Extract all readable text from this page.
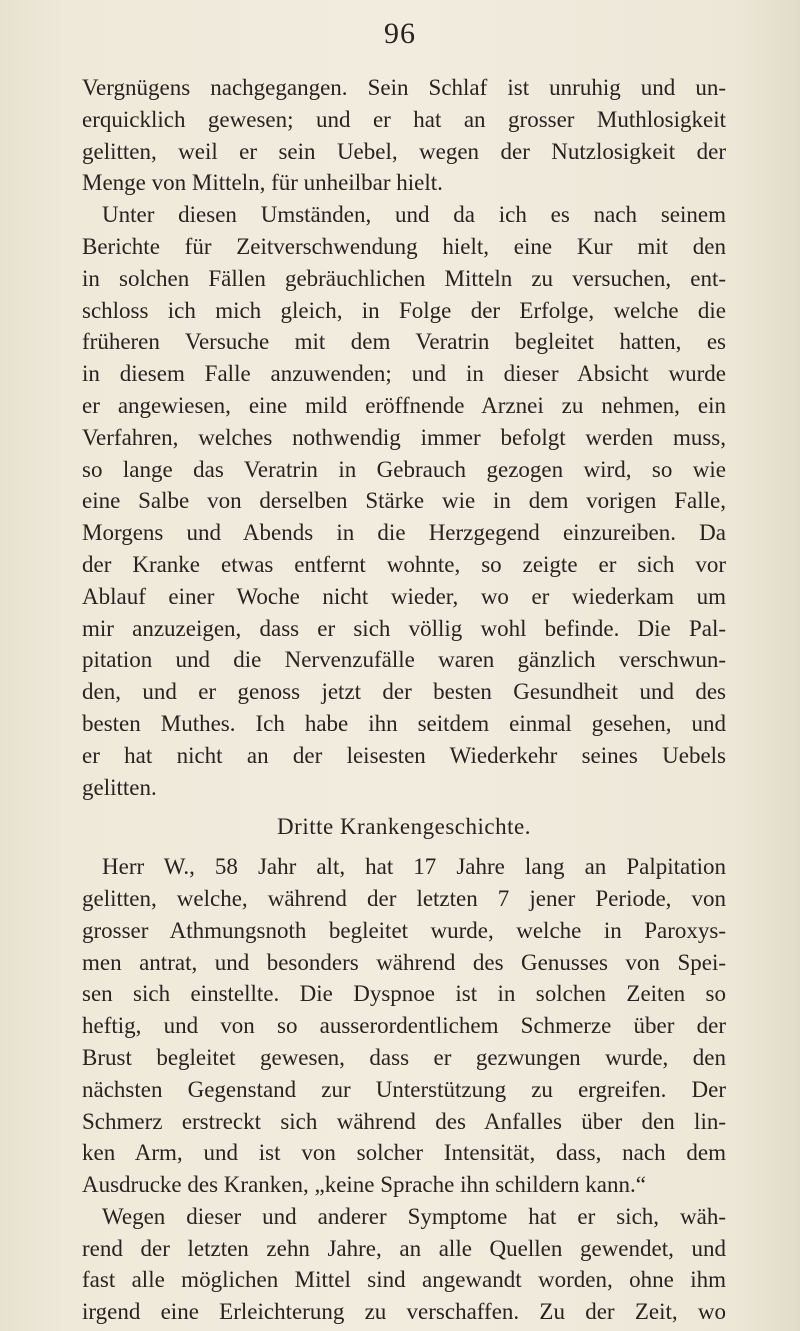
96
Vergnügens nachgegangen. Sein Schlaf ist unruhig und un-
erquicklich gewesen; und er hat an grosser Muthlosigkeit
gelitten, weil er sein Uebel, wegen der Nutzlosigkeit der
Menge von Mitteln, für unheilbar hielt.
Unter diesen Umständen, und da ich es nach seinem
Berichte für Zeitverschwendung hielt, eine Kur mit den
in solchen Fällen gebräuchlichen Mitteln zu versuchen, ent-
schloss ich mich gleich, in Folge der Erfolge, welche die
früheren Versuche mit dem Veratrin begleitet hatten, es
in diesem Falle anzuwenden; und in dieser Absicht wurde
er angewiesen, eine mild eröffnende Arznei zu nehmen, ein
Verfahren, welches nothwendig immer befolgt werden muss,
so lange das Veratrin in Gebrauch gezogen wird, so wie
eine Salbe von derselben Stärke wie in dem vorigen Falle,
Morgens und Abends in die Herzgegend einzureiben. Da
der Kranke etwas entfernt wohnte, so zeigte er sich vor
Ablauf einer Woche nicht wieder, wo er wiederkam um
mir anzuzeigen, dass er sich völlig wohl befinde. Die Pal-
pitation und die Nervenzufälle waren gänzlich verschwun-
den, und er genoss jetzt der besten Gesundheit und des
besten Muthes. Ich habe ihn seitdem einmal gesehen, und
er hat nicht an der leisesten Wiederkehr seines Uebels
gelitten.
Dritte Krankengeschichte.
Herr W., 58 Jahr alt, hat 17 Jahre lang an Palpitation
gelitten, welche, während der letzten 7 jener Periode, von
grosser Athmungsnoth begleitet wurde, welche in Paroxys-
men antrat, und besonders während des Genusses von Spei-
sen sich einstellte. Die Dyspnoe ist in solchen Zeiten so
heftig, und von so ausserordentlichem Schmerze über der
Brust begleitet gewesen, dass er gezwungen wurde, den
nächsten Gegenstand zur Unterstützung zu ergreifen. Der
Schmerz erstreckt sich während des Anfalles über den lin-
ken Arm, und ist von solcher Intensität, dass, nach dem
Ausdrucke des Kranken, „keine Sprache ihn schildern kann.“
Wegen dieser und anderer Symptome hat er sich, wäh-
rend der letzten zehn Jahre, an alle Quellen gewendet, und
fast alle möglichen Mittel sind angewandt worden, ohne ihm
irgend eine Erleichterung zu verschaffen. Zu der Zeit, wo
